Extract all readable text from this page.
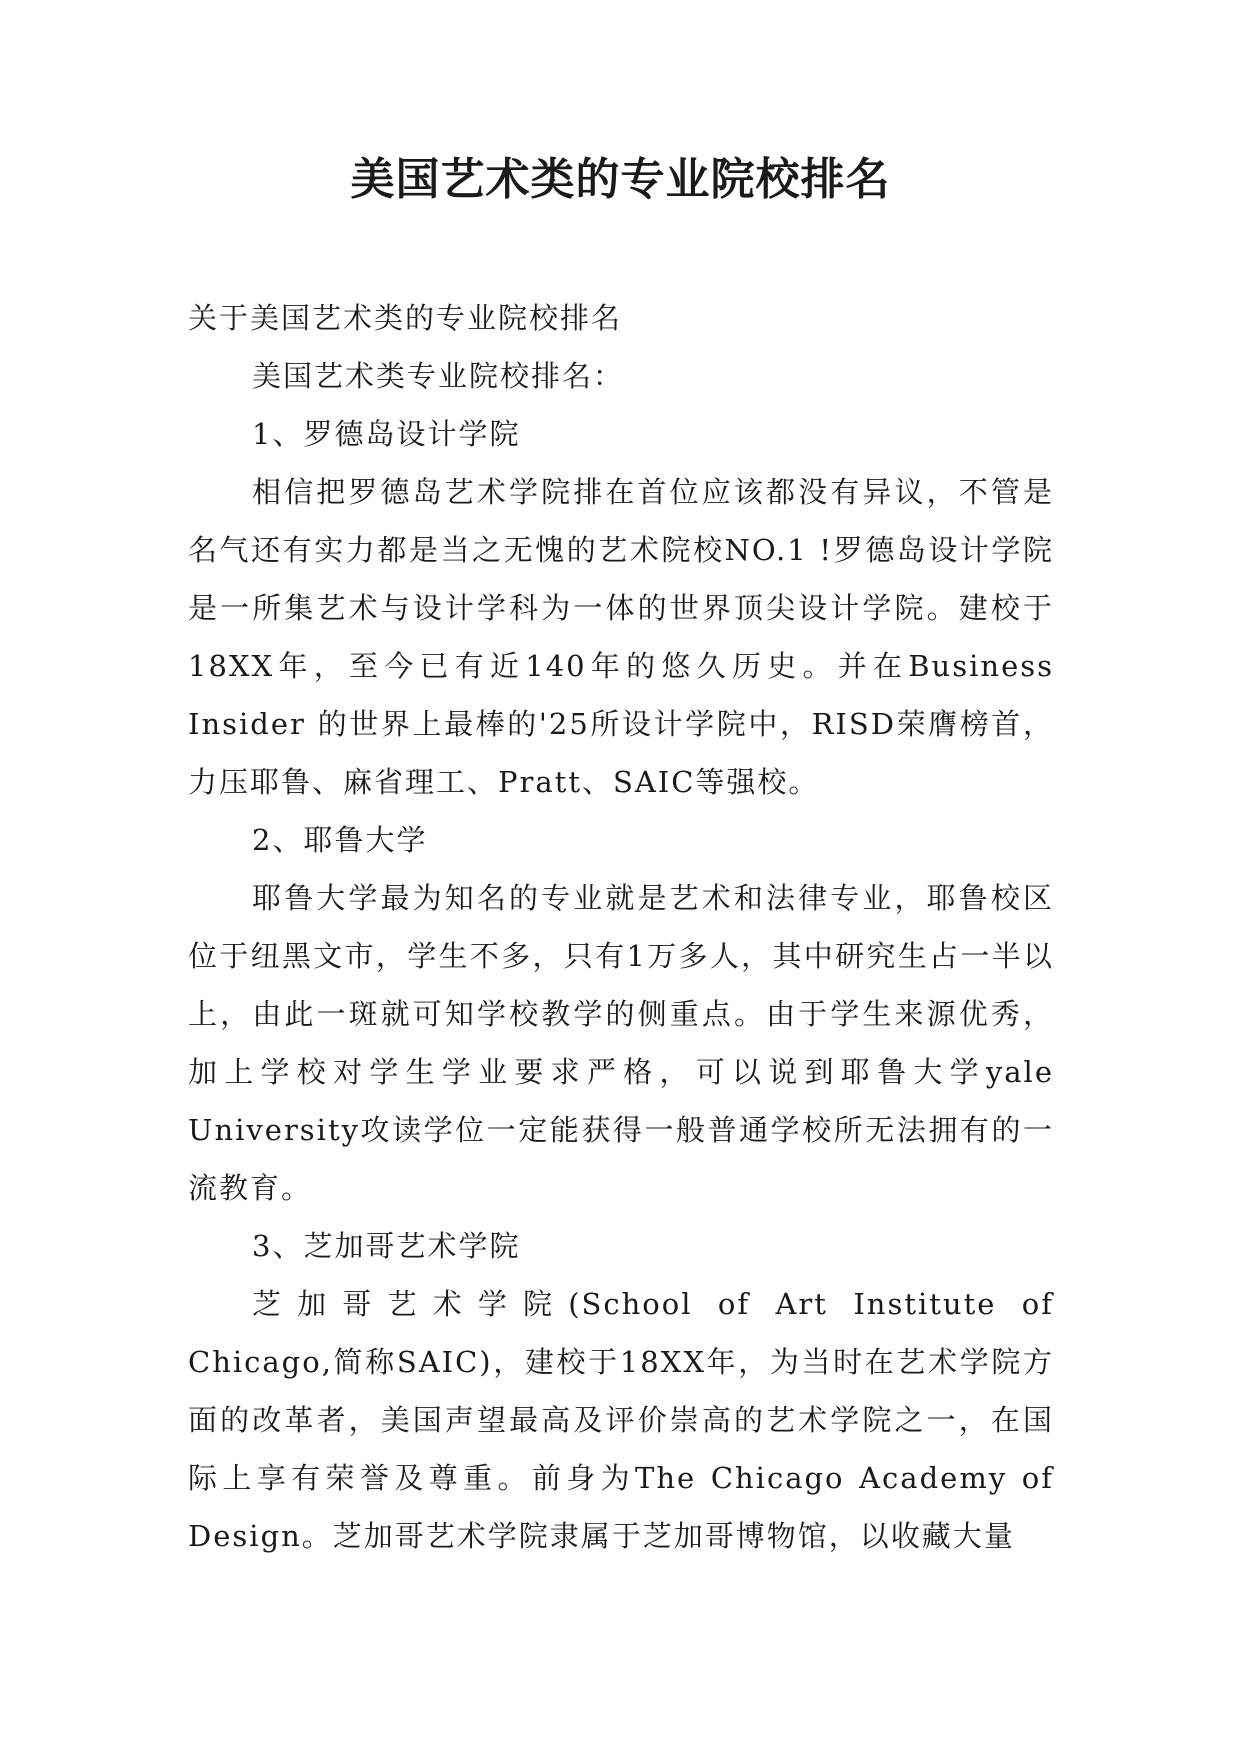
美国艺术类的专业院校排名

关于美国艺术类的专业院校排名

美国艺术类专业院校排名：

1、罗德岛设计学院

相信把罗德岛艺术学院排在首位应该都没有异议，不管是名气还有实力都是当之无愧的艺术院校NO.1 !罗德岛设计学院是一所集艺术与设计学科为一体的世界顶尖设计学院。建校于18XX年，至今已有近140年的悠久历史。并在Business Insider 的世界上最棒的'25所设计学院中，RISD荣膺榜首，力压耶鲁、麻省理工、Pratt、SAIC等强校。

2、耶鲁大学

耶鲁大学最为知名的专业就是艺术和法律专业，耶鲁校区位于纽黑文市，学生不多，只有1万多人，其中研究生占一半以上，由此一斑就可知学校教学的侧重点。由于学生来源优秀，加上学校对学生学业要求严格，可以说到耶鲁大学yale University攻读学位一定能获得一般普通学校所无法拥有的一流教育。

3、芝加哥艺术学院

芝加哥艺术学院(School of Art Institute of Chicago,简称SAIC)，建校于18XX年，为当时在艺术学院方面的改革者，美国声望最高及评价崇高的艺术学院之一，在国际上享有荣誉及尊重。前身为The Chicago Academy of Design。芝加哥艺术学院隶属于芝加哥博物馆，以收藏大量
